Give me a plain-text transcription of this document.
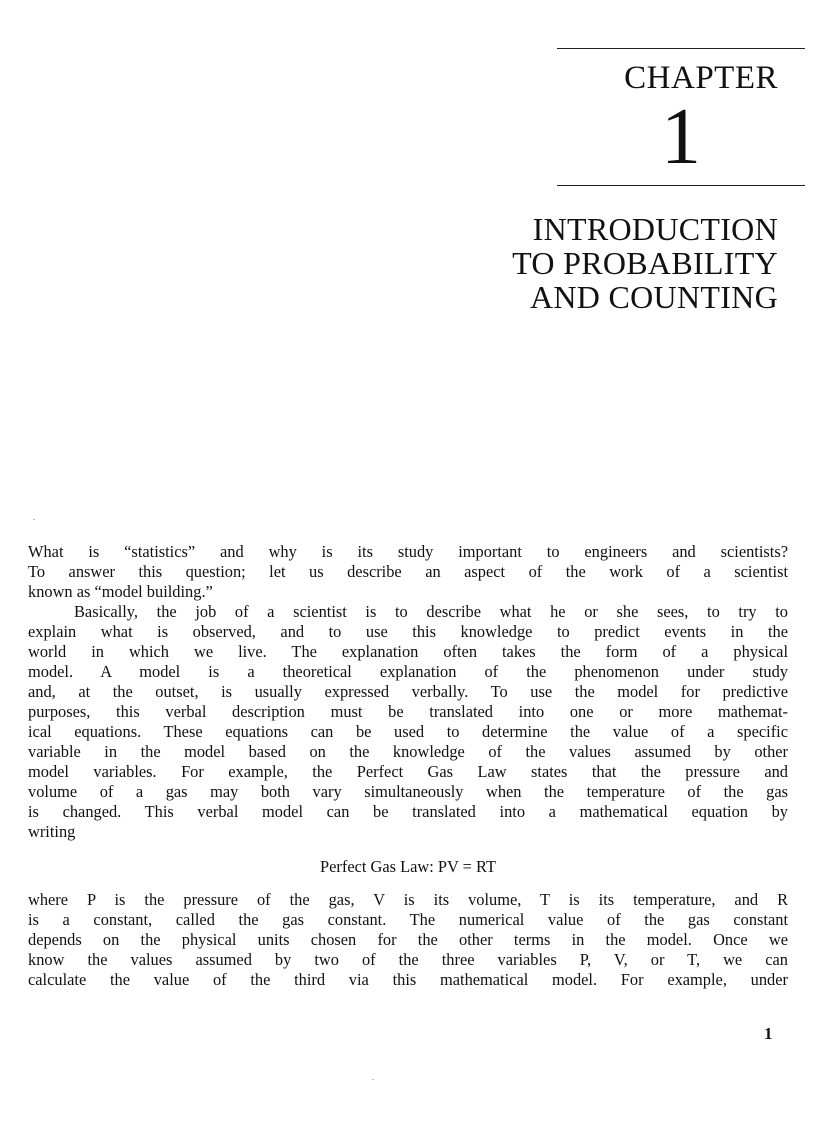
CHAPTER
1
INTRODUCTION
TO PROBABILITY
AND COUNTING
What is “statistics” and why is its study important to engineers and scientists?
To answer this question; let us describe an aspect of the work of a scientist
known as “model building.”
Basically, the job of a scientist is to describe what he or she sees, to try to
explain what is observed, and to use this knowledge to predict events in the
world in which we live. The explanation often takes the form of a physical
model. A model is a theoretical explanation of the phenomenon under study
and, at the outset, is usually expressed verbally. To use the model for predictive
purposes, this verbal description must be translated into one or more mathemat-
ical equations. These equations can be used to determine the value of a specific
variable in the model based on the knowledge of the values assumed by other
model variables. For example, the Perfect Gas Law states that the pressure and
volume of a gas may both vary simultaneously when the temperature of the gas
is changed. This verbal model can be translated into a mathematical equation by
writing
Perfect Gas Law: PV = RT
where P is the pressure of the gas, V is its volume, T is its temperature, and R
is a constant, called the gas constant. The numerical value of the gas constant
depends on the physical units chosen for the other terms in the model. Once we
know the values assumed by two of the three variables P, V, or T, we can
calculate the value of the third via this mathematical model. For example, under
1
